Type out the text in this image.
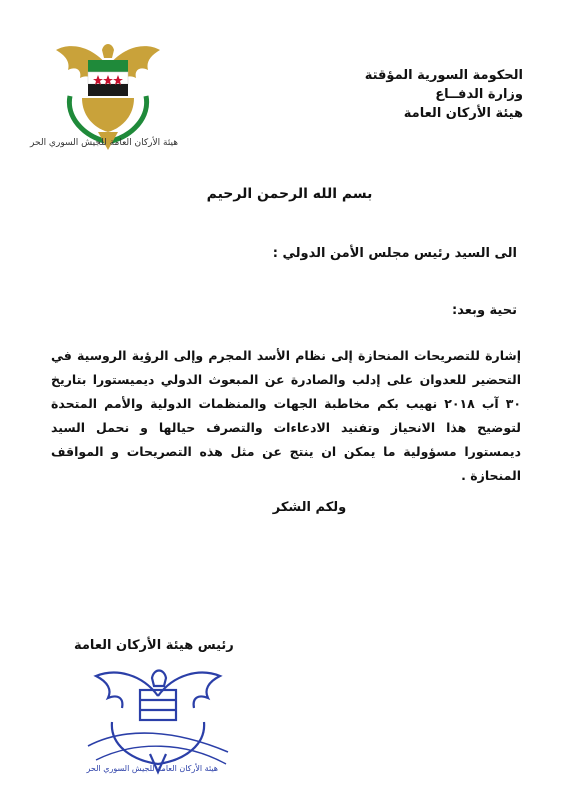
هيئة الأركان العامة للجيش السوري الحر
الحكومة السورية المؤقتة
وزارة الدفــاع
هيئة الأركان العامة
بسم الله الرحمن الرحيم
الى السيد رئيس مجلس الأمن الدولي :
تحية وبعد:
إشارة للتصريحات المنحازة إلى نظام الأسد المجرم وإلى الرؤية الروسية في التحضير للعدوان على إدلب والصادرة عن المبعوث الدولي ديميستورا بتاريخ ٣٠ آب ٢٠١٨ نهيب بكم مخاطبة الجهات والمنظمات الدولية والأمم المتحدة لتوضيح هذا الانحياز وتفنيد الادعاءات والتصرف حيالها و نحمل السيد ديمستورا مسؤولية ما يمكن ان ينتج عن مثل هذه التصريحات و المواقف المنحازة .
ولكم الشكر
رئيس هيئة الأركان العامة
هيئة الأركان العامة للجيش السوري الحر
